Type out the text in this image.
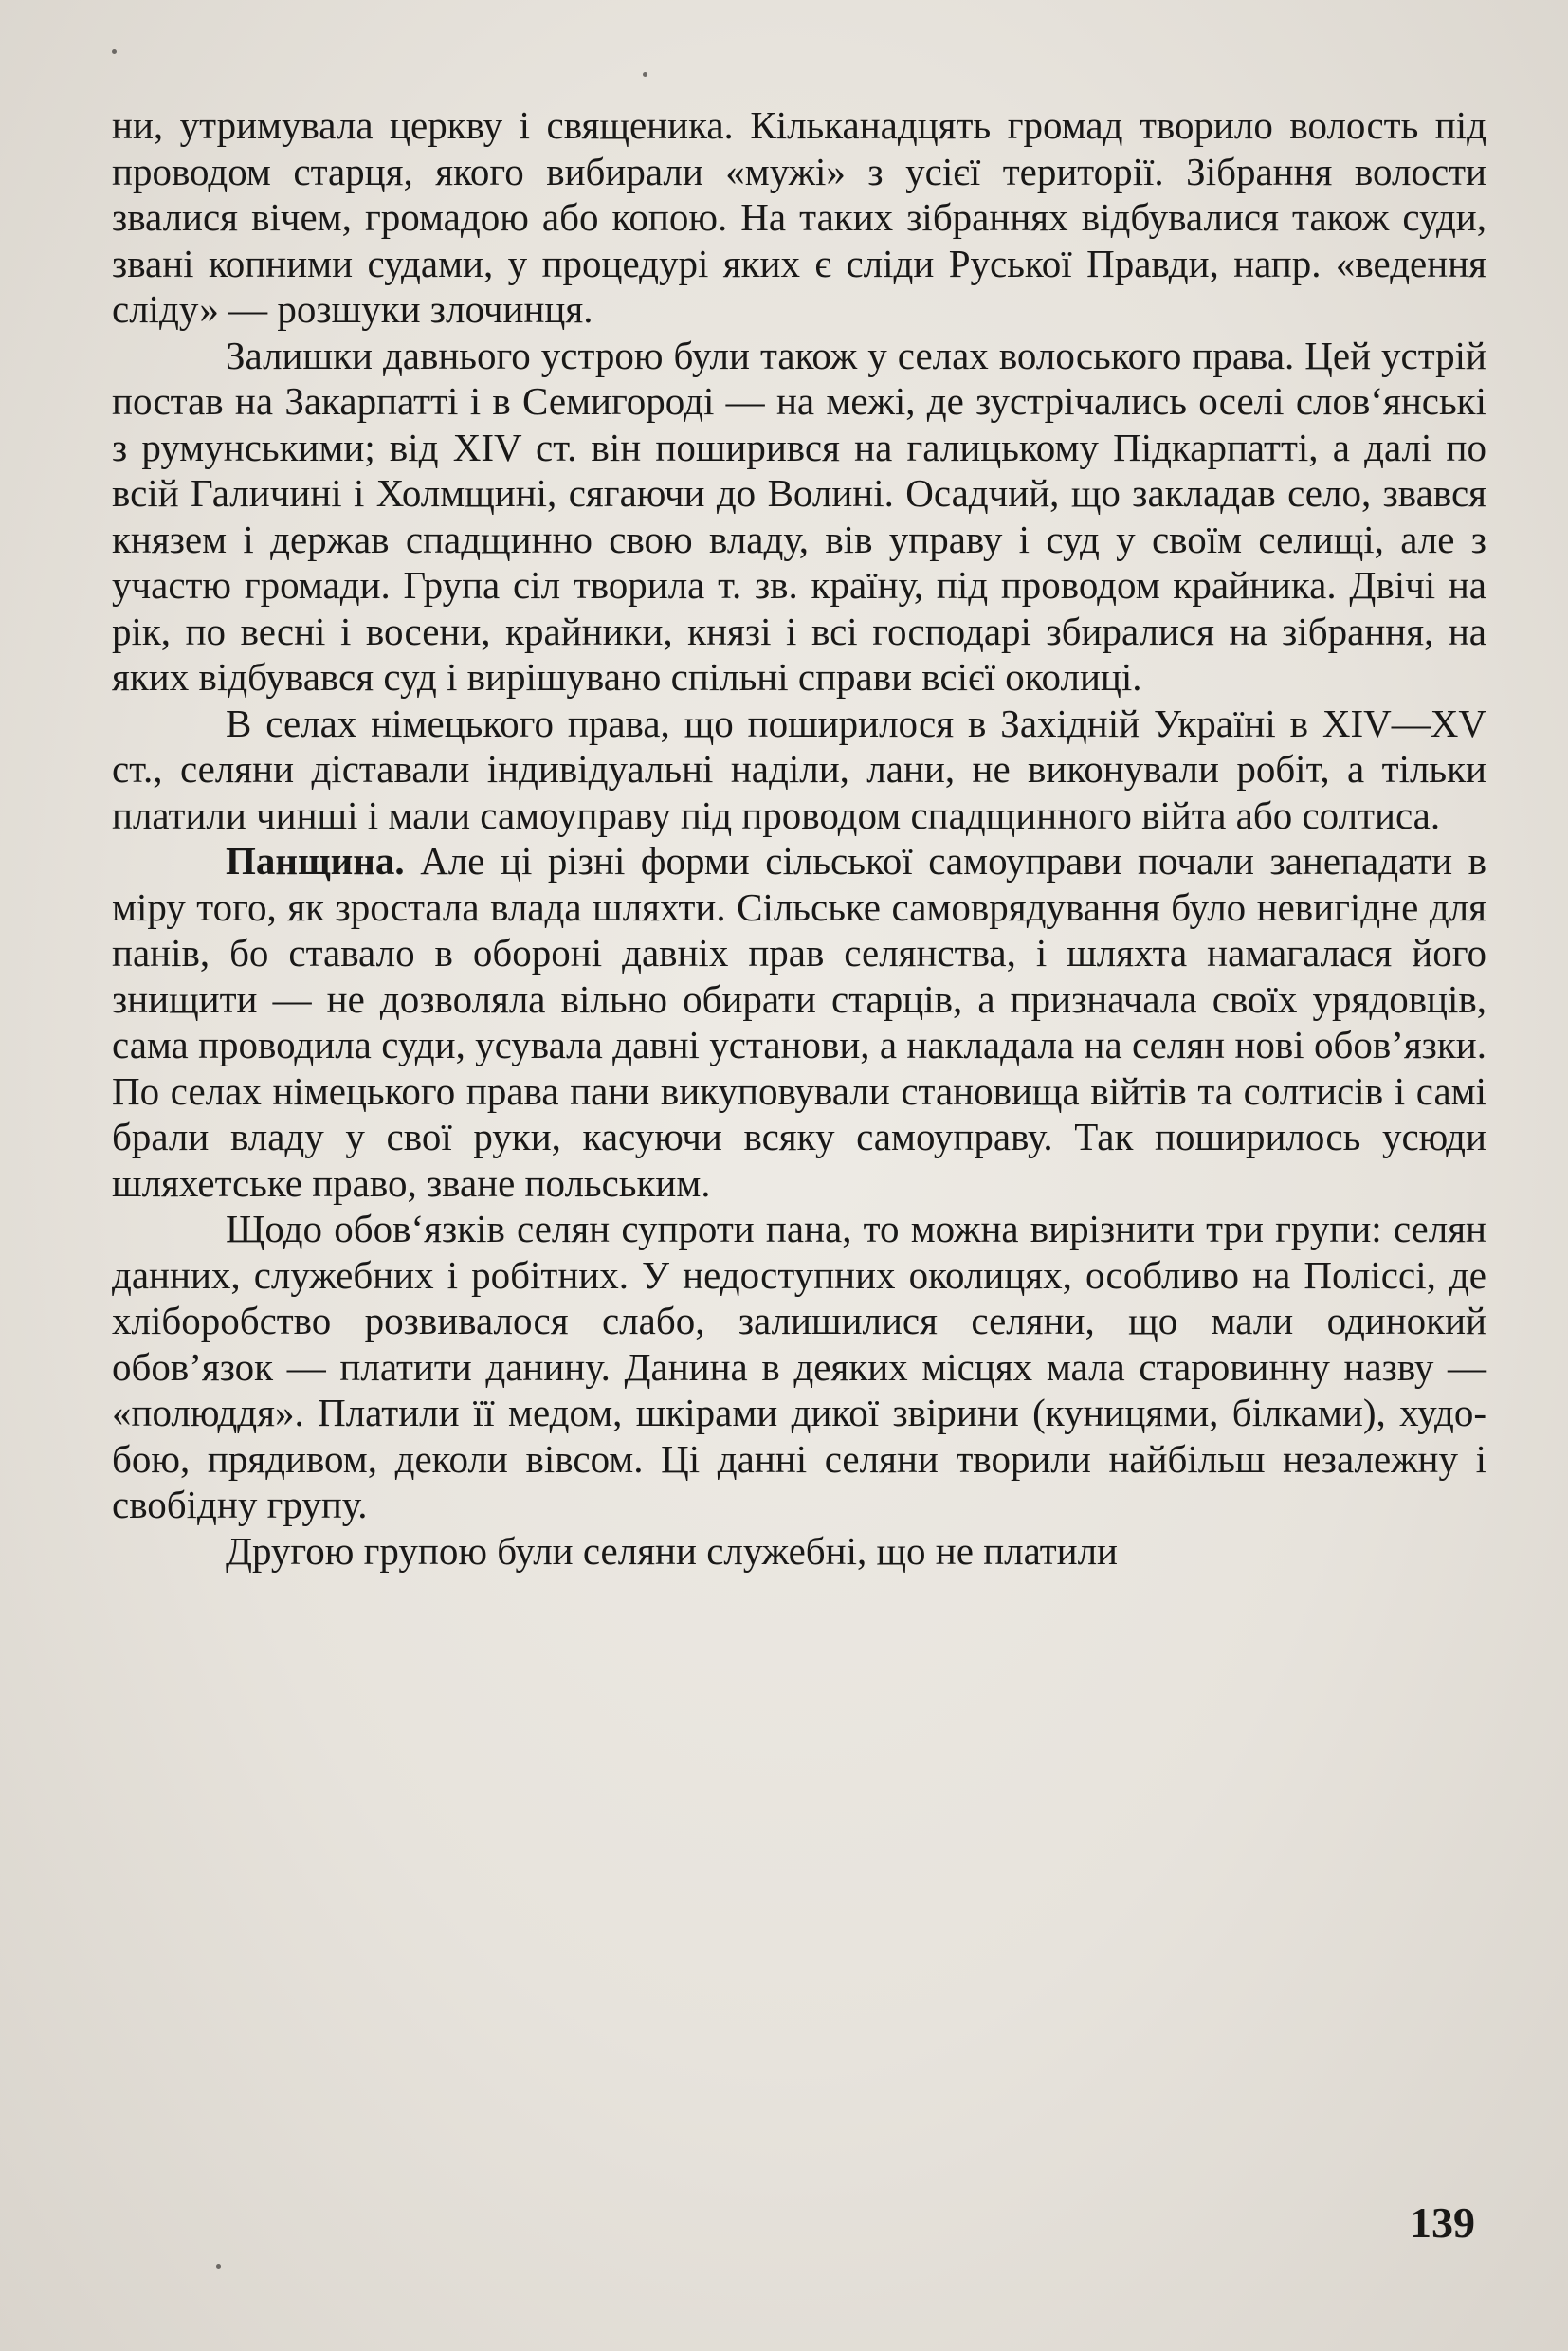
ни, утримувала церкву і священика. Кільканадцять громад творило волость під проводом старця, якого вибирали «мужі» з усієї території. Зібрання волости звалися вічем, громадою або копою. На таких зібраннях відбувалися також суди, звані копними судами, у процедурі яких є сліди Руської Правди, напр. «ведення сліду» — розшуки злочинця.

Залишки давнього устрою були також у селах волоського права. Цей устрій постав на Закарпатті і в Семигороді — на межі, де зустрічались оселі слов‘янські з румунськими; від XIV ст. він поширився на галицькому Підкарпатті, а далі по всій Галичині і Холмщині, сягаючи до Волині. Осадчий, що закладав село, звався князем і держав спадщинно свою владу, вів управу і суд у своїм селищі, але з участю громади. Група сіл творила т. зв. країну, під проводом крайника. Двічі на рік, по весні і восени, крайники, князі і всі господарі збиралися на зібрання, на яких відбувався суд і вирішувано спільні справи всієї околиці.

В селах німецького права, що поширилося в Західній Україні в XIV—XV ст., селяни діставали індивідуальні наділи, лани, не виконували робіт, а тільки платили чинші і мали самоуправу під проводом спадщинного війта або солтиса.

Панщина. Але ці різні форми сільської самоуправи почали занепадати в міру того, як зростала влада шляхти. Сільське самоврядування було невигідне для панів, бо ставало в обороні давніх прав селянства, і шляхта намагалася його знищити — не дозволяла вільно обирати старців, а призначала своїх урядовців, сама проводила суди, усувала давні установи, а накладала на селян нові обов’язки. По селах німецького права пани викуповували становища війтів та солтисів і самі брали владу у свої руки, касуючи всяку самоуправу. Так поширилось усюди шляхетське право, зване польським.

Щодо обов‘язків селян супроти пана, то можна вирізнити три групи: селян данних, служебних і робітних. У недоступних околицях, особливо на Поліссі, де хліборобство розвивалося слабо, залишилися селяни, що мали одинокий обов’язок — платити данину. Данина в деяких місцях мала старовинну назву — «полюддя». Платили її медом, шкірами дикої звірини (куницями, білками), худобою, прядивом, деколи вівсом. Ці данні селяни творили найбільш незалежну і свобідну групу.

Другою групою були селяни служебні, що не платили

139
